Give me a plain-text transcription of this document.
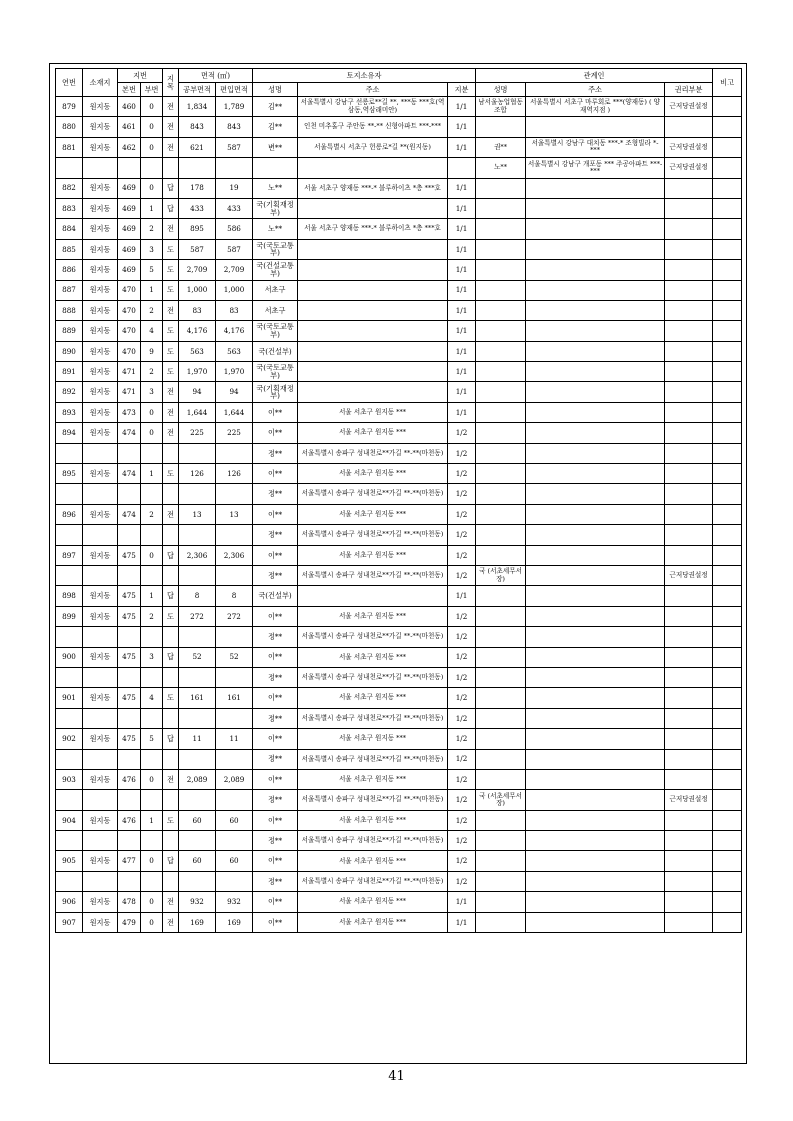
연번	소재지	지번		지목	면적 (㎡)		토지소유자			관계인			비고
		본번	부번		공부면적	편입면적	성명	주소	지분	성명	주소	권리부분	
879	원지동	460	0	전	1,834	1,789	김**	서울특별시 강남구 선릉로**길 **, ***동 ***호(역삼동,역삼래미안)	1/1	남서울농업협동조합	서울특별시 서초구 마루회로 ***(양재동) ( 양재역지점 )	근저당권설정	
880	원지동	461	0	전	843	843	김**	인천 미추홀구 주안동 **-** 신형아파트 ***-***	1/1				
881	원지동	462	0	전	621	587	변**	서울특별시 서초구 헌릉로*길 **(원지동)	1/1	권**	서울특별시 강남구 대치동 ***-* 조형빌라 *-***	근저당권설정	
										노**	서울특별시 강남구 개포동 *** 주공아파트 ***-***	근저당권설정	
882	원지동	469	0	답	178	19	노**	서울 서초구 양재동 ***-* 블루하이츠 *층 ***호	1/1				
883	원지동	469	1	답	433	433	국(기획재정부)		1/1				
884	원지동	469	2	전	895	586	노**	서울 서초구 양재동 ***-* 블루하이츠 *층 ***호	1/1				
885	원지동	469	3	도	587	587	국(국토교통부)		1/1				
886	원지동	469	5	도	2,709	2,709	국(건설교통부)		1/1				
887	원지동	470	1	도	1,000	1,000	서초구		1/1				
888	원지동	470	2	전	83	83	서초구		1/1				
889	원지동	470	4	도	4,176	4,176	국(국토교통부)		1/1				
890	원지동	470	9	도	563	563	국(건설부)		1/1				
891	원지동	471	2	도	1,970	1,970	국(국토교통부)		1/1				
892	원지동	471	3	전	94	94	국(기획재정부)		1/1				
893	원지동	473	0	전	1,644	1,644	이**	서울 서초구 원지동 ***	1/1				
894	원지동	474	0	전	225	225	이**	서울 서초구 원지동 ***	1/2				
							정**	서울특별시 송파구 성내천로**가길 **-**(마천동)	1/2				
895	원지동	474	1	도	126	126	이**	서울 서초구 원지동 ***	1/2				
							정**	서울특별시 송파구 성내천로**가길 **-**(마천동)	1/2				
896	원지동	474	2	전	13	13	이**	서울 서초구 원지동 ***	1/2				
							정**	서울특별시 송파구 성내천로**가길 **-**(마천동)	1/2				
897	원지동	475	0	답	2,306	2,306	이**	서울 서초구 원지동 ***	1/2				
							정**	서울특별시 송파구 성내천로**가길 **-**(마천동)	1/2	국 (서초세무서장)		근저당권설정	
898	원지동	475	1	답	8	8	국(건설부)		1/1				
899	원지동	475	2	도	272	272	이**	서울 서초구 원지동 ***	1/2				
							정**	서울특별시 송파구 성내천로**가길 **-**(마천동)	1/2				
900	원지동	475	3	답	52	52	이**	서울 서초구 원지동 ***	1/2				
							정**	서울특별시 송파구 성내천로**가길 **-**(마천동)	1/2				
901	원지동	475	4	도	161	161	이**	서울 서초구 원지동 ***	1/2				
							정**	서울특별시 송파구 성내천로**가길 **-**(마천동)	1/2				
902	원지동	475	5	답	11	11	이**	서울 서초구 원지동 ***	1/2				
							정**	서울특별시 송파구 성내천로**가길 **-**(마천동)	1/2				
903	원지동	476	0	전	2,089	2,089	이**	서울 서초구 원지동 ***	1/2				
							정**	서울특별시 송파구 성내천로**가길 **-**(마천동)	1/2	국 (서초세무서장)		근저당권설정	
904	원지동	476	1	도	60	60	이**	서울 서초구 원지동 ***	1/2				
							정**	서울특별시 송파구 성내천로**가길 **-**(마천동)	1/2				
905	원지동	477	0	답	60	60	이**	서울 서초구 원지동 ***	1/2				
							정**	서울특별시 송파구 성내천로**가길 **-**(마천동)	1/2				
906	원지동	478	0	전	932	932	이**	서울 서초구 원지동 ***	1/1				
907	원지동	479	0	전	169	169	이**	서울 서초구 원지동 ***	1/1				
41
